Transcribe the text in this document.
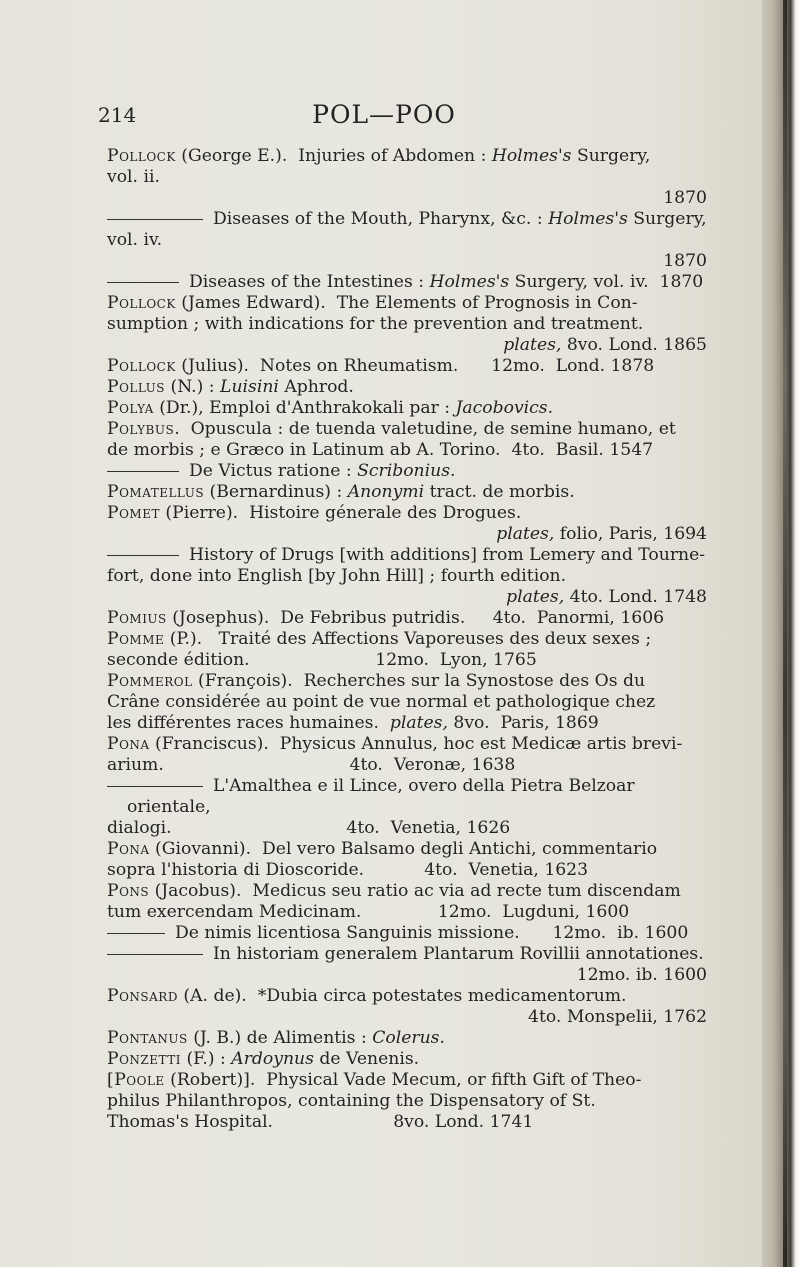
214	POL—POO
Pollock (George E.).  Injuries of Abdomen : Holmes's Surgery,
vol. ii.
1870
Diseases of the Mouth, Pharynx, &c. : Holmes's Surgery,
vol. iv.
1870
Diseases of the Intestines : Holmes's Surgery, vol. iv.  1870
Pollock (James Edward).  The Elements of Prognosis in Con-
sumption ; with indications for the prevention and treatment.
plates, 8vo. Lond. 1865
Pollock (Julius).  Notes on Rheumatism.      12mo.  Lond. 1878
Pollus (N.) : Luisini Aphrod.
Polya (Dr.), Emploi d'Anthrakokali par : Jacobovics.
Polybus.  Opuscula : de tuenda valetudine, de semine humano, et
de morbis ; e Græco in Latinum ab A. Torino.  4to.  Basil. 1547
De Victus ratione : Scribonius.
Pomatellus (Bernardinus) : Anonymi tract. de morbis.
Pomet (Pierre).  Histoire génerale des Drogues.
plates, folio, Paris, 1694
History of Drugs [with additions] from Lemery and Tourne-
fort, done into English [by John Hill] ; fourth edition.
plates, 4to. Lond. 1748
Pomius (Josephus).  De Febribus putridis.     4to.  Panormi, 1606
Pomme (P.).   Traité des Affections Vaporeuses des deux sexes ;
seconde édition.                       12mo.  Lyon, 1765
Pommerol (François).  Recherches sur la Synostose des Os du
Crâne considérée au point de vue normal et pathologique chez
les différentes races humaines.  plates, 8vo.  Paris, 1869
Pona (Franciscus).  Physicus Annulus, hoc est Medicæ artis brevi-
arium.                                  4to.  Veronæ, 1638
L'Amalthea e il Lince, overo della Pietra Belzoar orientale,
dialogi.                                4to.  Venetia, 1626
Pona (Giovanni).  Del vero Balsamo degli Antichi, commentario
sopra l'historia di Dioscoride.           4to.  Venetia, 1623
Pons (Jacobus).  Medicus seu ratio ac via ad recte tum discendam
tum exercendam Medicinam.              12mo.  Lugduni, 1600
De nimis licentiosa Sanguinis missione.      12mo.  ib. 1600
In historiam generalem Plantarum Rovillii annotationes.
12mo. ib. 1600
Ponsard (A. de).  *Dubia circa potestates medicamentorum.
4to. Monspelii, 1762
Pontanus (J. B.) de Alimentis : Colerus.
Ponzetti (F.) : Ardoynus de Venenis.
[Poole (Robert)].  Physical Vade Mecum, or fifth Gift of Theo-
philus Philanthropos, containing the Dispensatory of St.
Thomas's Hospital.                      8vo. Lond. 1741
